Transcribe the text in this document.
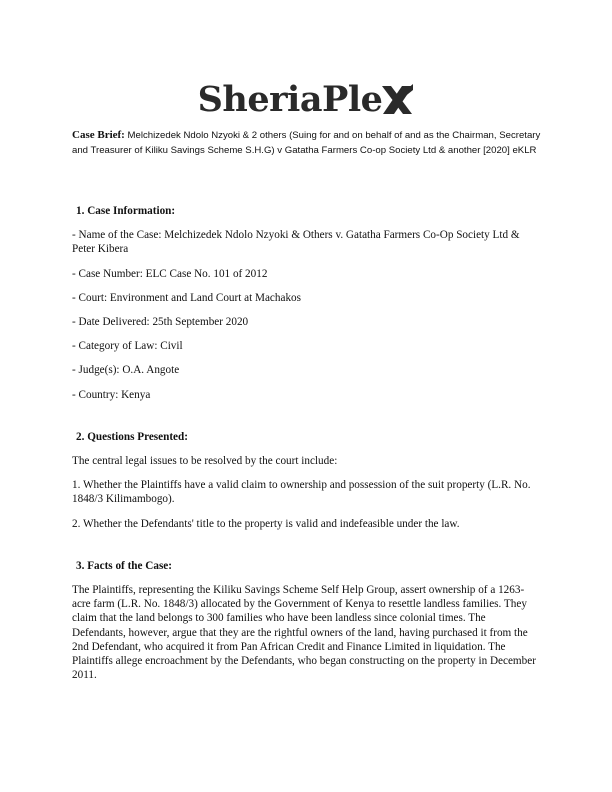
SheriaPle
Case Brief: Melchizedek Ndolo Nzyoki & 2 others (Suing for and on behalf of and as the Chairman, Secretary and Treasurer of Kiliku Savings Scheme S.H.G) v Gatatha Farmers Co-op Society Ltd & another [2020] eKLR
1. Case Information:
- Name of the Case: Melchizedek Ndolo Nzyoki & Others v. Gatatha Farmers Co-Op Society Ltd & Peter Kibera
- Case Number: ELC Case No. 101 of 2012
- Court: Environment and Land Court at Machakos
- Date Delivered: 25th September 2020
- Category of Law: Civil
- Judge(s): O.A. Angote
- Country: Kenya
2. Questions Presented:
The central legal issues to be resolved by the court include:
1. Whether the Plaintiffs have a valid claim to ownership and possession of the suit property (L.R. No. 1848/3 Kilimambogo).
2. Whether the Defendants' title to the property is valid and indefeasible under the law.
3. Facts of the Case:
The Plaintiffs, representing the Kiliku Savings Scheme Self Help Group, assert ownership of a 1263-acre farm (L.R. No. 1848/3) allocated by the Government of Kenya to resettle landless families. They claim that the land belongs to 300 families who have been landless since colonial times. The Defendants, however, argue that they are the rightful owners of the land, having purchased it from the 2nd Defendant, who acquired it from Pan African Credit and Finance Limited in liquidation. The Plaintiffs allege encroachment by the Defendants, who began constructing on the property in December 2011.
